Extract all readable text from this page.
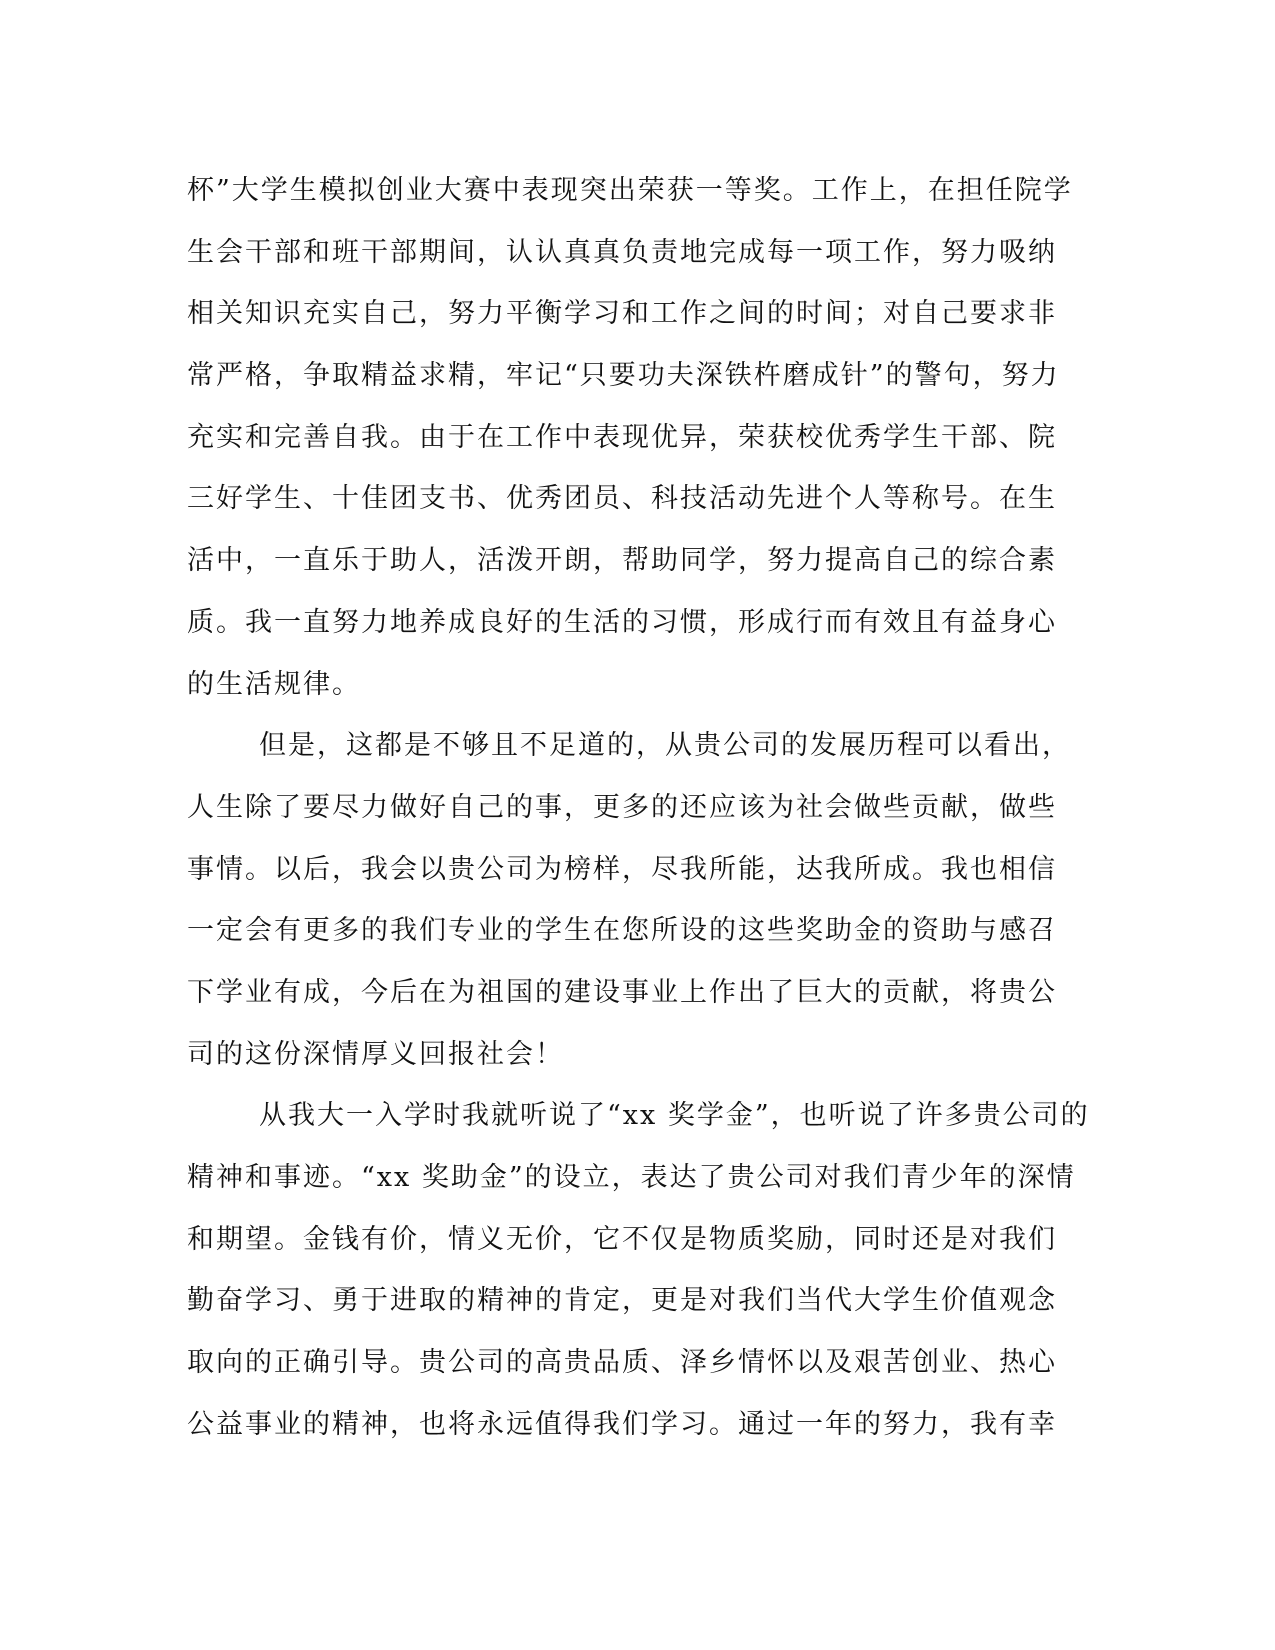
杯”大学生模拟创业大赛中表现突出荣获一等奖。工作上，在担任院学
生会干部和班干部期间，认认真真负责地完成每一项工作，努力吸纳
相关知识充实自己，努力平衡学习和工作之间的时间；对自己要求非
常严格，争取精益求精，牢记“只要功夫深铁杵磨成针”的警句，努力
充实和完善自我。由于在工作中表现优异，荣获校优秀学生干部、院
三好学生、十佳团支书、优秀团员、科技活动先进个人等称号。在生
活中，一直乐于助人，活泼开朗，帮助同学，努力提高自己的综合素
质。我一直努力地养成良好的生活的习惯，形成行而有效且有益身心
的生活规律。
但是，这都是不够且不足道的，从贵公司的发展历程可以看出，
人生除了要尽力做好自己的事，更多的还应该为社会做些贡献，做些
事情。以后，我会以贵公司为榜样，尽我所能，达我所成。我也相信
一定会有更多的我们专业的学生在您所设的这些奖助金的资助与感召
下学业有成，今后在为祖国的建设事业上作出了巨大的贡献，将贵公
司的这份深情厚义回报社会！
从我大一入学时我就听说了“xx 奖学金”，也听说了许多贵公司的
精神和事迹。“xx 奖助金”的设立，表达了贵公司对我们青少年的深情
和期望。金钱有价，情义无价，它不仅是物质奖励，同时还是对我们
勤奋学习、勇于进取的精神的肯定，更是对我们当代大学生价值观念
取向的正确引导。贵公司的高贵品质、泽乡情怀以及艰苦创业、热心
公益事业的精神，也将永远值得我们学习。通过一年的努力，我有幸
